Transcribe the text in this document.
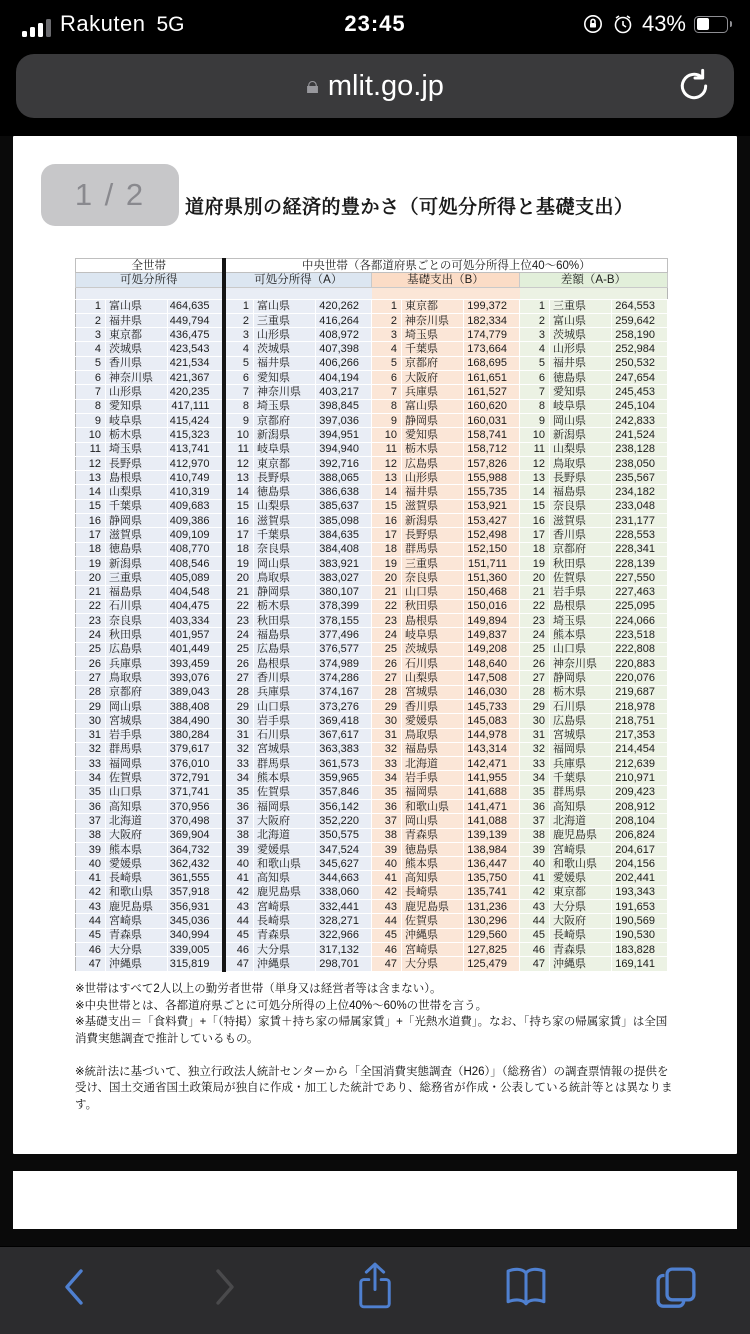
Rakuten 5G	23:45	43%
🔒︎ mlit.go.jp
1 / 2	道府県別の経済的豊かさ（可処分所得と基礎支出）
全世帯			中央世帯（各都道府県ごとの可処分所得上位40～60%）								
可処分所得			可処分所得（A）			基礎支出（B）			差額（A-B）		

1	富山県	464,635	1	富山県	420,262	1	東京都	199,372	1	三重県	264,553
2	福井県	449,794	2	三重県	416,264	2	神奈川県	182,334	2	富山県	259,642
3	東京都	436,475	3	山形県	408,972	3	埼玉県	174,779	3	茨城県	258,190
4	茨城県	423,543	4	茨城県	407,398	4	千葉県	173,664	4	山形県	252,984
5	香川県	421,534	5	福井県	406,266	5	京都府	168,695	5	福井県	250,532
6	神奈川県	421,367	6	愛知県	404,194	6	大阪府	161,651	6	徳島県	247,654
7	山形県	420,235	7	神奈川県	403,217	7	兵庫県	161,527	7	愛知県	245,453
8	愛知県	417,111	8	埼玉県	398,845	8	富山県	160,620	8	岐阜県	245,104
9	岐阜県	415,424	9	京都府	397,036	9	静岡県	160,031	9	岡山県	242,833
10	栃木県	415,323	10	新潟県	394,951	10	愛知県	158,741	10	新潟県	241,524
11	埼玉県	413,741	11	岐阜県	394,940	11	栃木県	158,712	11	山梨県	238,128
12	長野県	412,970	12	東京都	392,716	12	広島県	157,826	12	鳥取県	238,050
13	島根県	410,749	13	長野県	388,065	13	山形県	155,988	13	長野県	235,567
14	山梨県	410,319	14	徳島県	386,638	14	福井県	155,735	14	福島県	234,182
15	千葉県	409,683	15	山梨県	385,637	15	滋賀県	153,921	15	奈良県	233,048
16	静岡県	409,386	16	滋賀県	385,098	16	新潟県	153,427	16	滋賀県	231,177
17	滋賀県	409,109	17	千葉県	384,635	17	長野県	152,498	17	香川県	228,553
18	徳島県	408,770	18	奈良県	384,408	18	群馬県	152,150	18	京都府	228,341
19	新潟県	408,546	19	岡山県	383,921	19	三重県	151,711	19	秋田県	228,139
20	三重県	405,089	20	鳥取県	383,027	20	奈良県	151,360	20	佐賀県	227,550
21	福島県	404,548	21	静岡県	380,107	21	山口県	150,468	21	岩手県	227,463
22	石川県	404,475	22	栃木県	378,399	22	秋田県	150,016	22	島根県	225,095
23	奈良県	403,334	23	秋田県	378,155	23	島根県	149,894	23	埼玉県	224,066
24	秋田県	401,957	24	福島県	377,496	24	岐阜県	149,837	24	熊本県	223,518
25	広島県	401,449	25	広島県	376,577	25	茨城県	149,208	25	山口県	222,808
26	兵庫県	393,459	26	島根県	374,989	26	石川県	148,640	26	神奈川県	220,883
27	鳥取県	393,076	27	香川県	374,286	27	山梨県	147,508	27	静岡県	220,076
28	京都府	389,043	28	兵庫県	374,167	28	宮城県	146,030	28	栃木県	219,687
29	岡山県	388,408	29	山口県	373,276	29	香川県	145,733	29	石川県	218,978
30	宮城県	384,490	30	岩手県	369,418	30	愛媛県	145,083	30	広島県	218,751
31	岩手県	380,284	31	石川県	367,617	31	鳥取県	144,978	31	宮城県	217,353
32	群馬県	379,617	32	宮城県	363,383	32	福島県	143,314	32	福岡県	214,454
33	福岡県	376,010	33	群馬県	361,573	33	北海道	142,471	33	兵庫県	212,639
34	佐賀県	372,791	34	熊本県	359,965	34	岩手県	141,955	34	千葉県	210,971
35	山口県	371,741	35	佐賀県	357,846	35	福岡県	141,688	35	群馬県	209,423
36	高知県	370,956	36	福岡県	356,142	36	和歌山県	141,471	36	高知県	208,912
37	北海道	370,498	37	大阪府	352,220	37	岡山県	141,088	37	北海道	208,104
38	大阪府	369,904	38	北海道	350,575	38	青森県	139,139	38	鹿児島県	206,824
39	熊本県	364,732	39	愛媛県	347,524	39	徳島県	138,984	39	宮崎県	204,617
40	愛媛県	362,432	40	和歌山県	345,627	40	熊本県	136,447	40	和歌山県	204,156
41	長崎県	361,555	41	高知県	344,663	41	高知県	135,750	41	愛媛県	202,441
42	和歌山県	357,918	42	鹿児島県	338,060	42	長崎県	135,741	42	東京都	193,343
43	鹿児島県	356,931	43	宮崎県	332,441	43	鹿児島県	131,236	43	大分県	191,653
44	宮崎県	345,036	44	長崎県	328,271	44	佐賀県	130,296	44	大阪府	190,569
45	青森県	340,994	45	青森県	322,966	45	沖縄県	129,560	45	長崎県	190,530
46	大分県	339,005	46	大分県	317,132	46	宮崎県	127,825	46	青森県	183,828
47	沖縄県	315,819	47	沖縄県	298,701	47	大分県	125,479	47	沖縄県	169,141
※世帯はすべて2人以上の勤労者世帯（単身又は経営者等は含まない）。
※中央世帯とは、各都道府県ごとに可処分所得の上位40%～60%の世帯を言う。
※基礎支出＝「食料費」+「（特掲）家賃＋持ち家の帰属家賃」+「光熱水道費」。なお、「持ち家の帰属家賃」は全国消費実態調査で推計しているもの。
※統計法に基づいて、独立行政法人統計センターから「全国消費実態調査（H26）」（総務省）の調査票情報の提供を受け、国土交通省国土政策局が独自に作成・加工した統計であり、総務省が作成・公表している統計等とは異なります。
